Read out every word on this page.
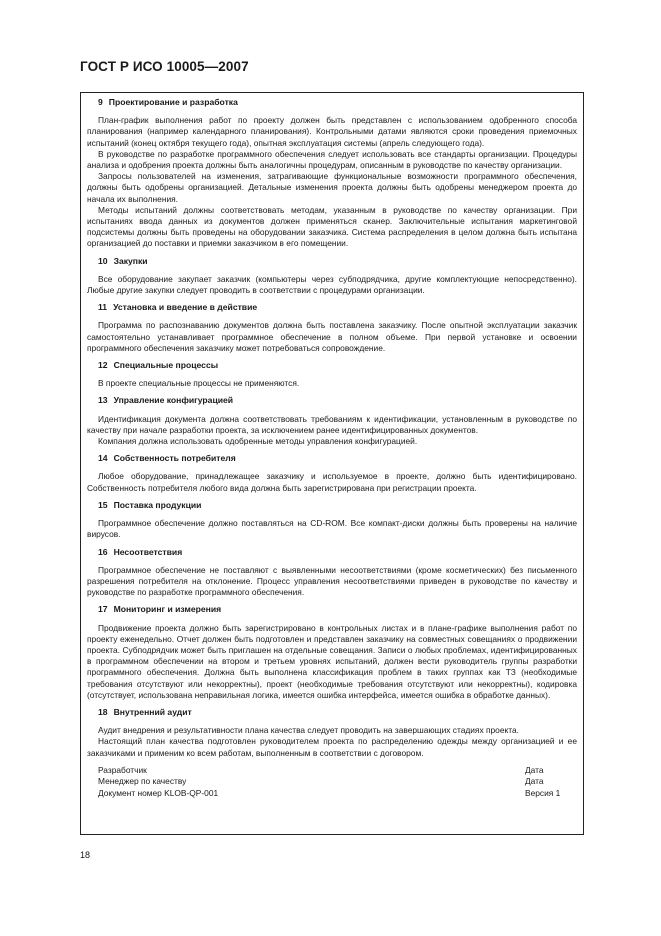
ГОСТ Р ИСО 10005—2007
9 Проектирование и разработка

План-график выполнения работ по проекту должен быть представлен с использованием одобренного способа планирования (например календарного планирования). Контрольными датами являются сроки проведения приемочных испытаний (конец октября текущего года), опытная эксплуатация системы (апрель следующего года).

В руководстве по разработке программного обеспечения следует использовать все стандарты организации. Процедуры анализа и одобрения проекта должны быть аналогичны процедурам, описанным в руководстве по качеству организации.

Запросы пользователей на изменения, затрагивающие функциональные возможности программного обеспечения, должны быть одобрены организацией. Детальные изменения проекта должны быть одобрены менеджером проекта до начала их выполнения.

Методы испытаний должны соответствовать методам, указанным в руководстве по качеству организации. При испытаниях ввода данных из документов должен применяться сканер. Заключительные испытания маркетинговой подсистемы должны быть проведены на оборудовании заказчика. Система распределения в целом должна быть испытана организацией до поставки и приемки заказчиком в его помещении.

10 Закупки

Все оборудование закупает заказчик (компьютеры через субподрядчика, другие комплектующие непосредственно). Любые другие закупки следует проводить в соответствии с процедурами организации.

11 Установка и введение в действие

Программа по распознаванию документов должна быть поставлена заказчику. После опытной эксплуатации заказчик самостоятельно устанавливает программное обеспечение в полном объеме. При первой установке и освоении программного обеспечения заказчику может потребоваться сопровождение.

12 Специальные процессы

В проекте специальные процессы не применяются.

13 Управление конфигурацией

Идентификация документа должна соответствовать требованиям к идентификации, установленным в руководстве по качеству при начале разработки проекта, за исключением ранее идентифицированных документов.

Компания должна использовать одобренные методы управления конфигурацией.

14 Собственность потребителя

Любое оборудование, принадлежащее заказчику и используемое в проекте, должно быть идентифицировано. Собственность потребителя любого вида должна быть зарегистрирована при регистрации проекта.

15 Поставка продукции

Программное обеспечение должно поставляться на CD-ROM. Все компакт-диски должны быть проверены на наличие вирусов.

16 Несоответствия

Программное обеспечение не поставляют с выявленными несоответствиями (кроме косметических) без письменного разрешения потребителя на отклонение. Процесс управления несоответствиями приведен в руководстве по качеству и руководстве по разработке программного обеспечения.

17 Мониторинг и измерения

Продвижение проекта должно быть зарегистрировано в контрольных листах и в плане-графике выполнения работ по проекту еженедельно. Отчет должен быть подготовлен и представлен заказчику на совместных совещаниях о продвижении проекта. Субподрядчик может быть приглашен на отдельные совещания. Записи о любых проблемах, идентифицированных в программном обеспечении на втором и третьем уровнях испытаний, должен вести руководитель группы разработки программного обеспечения. Должна быть выполнена классификация проблем в таких группах как ТЗ (необходимые требования отсутствуют или некорректны), проект (необходимые требования отсутствуют или некорректны), кодировка (отсутствует, использована неправильная логика, имеется ошибка интерфейса, имеется ошибка в обработке данных).

18 Внутренний аудит

Аудит внедрения и результативности плана качества следует проводить на завершающих стадиях проекта.

Настоящий план качества подготовлен руководителем проекта по распределению одежды между организацией и ее заказчиками и применим ко всем работам, выполненным в соответствии с договором.

Разработчик	Дата
Менеджер по качеству	Дата
Документ номер KLOB-QP-001	Версия 1
18
